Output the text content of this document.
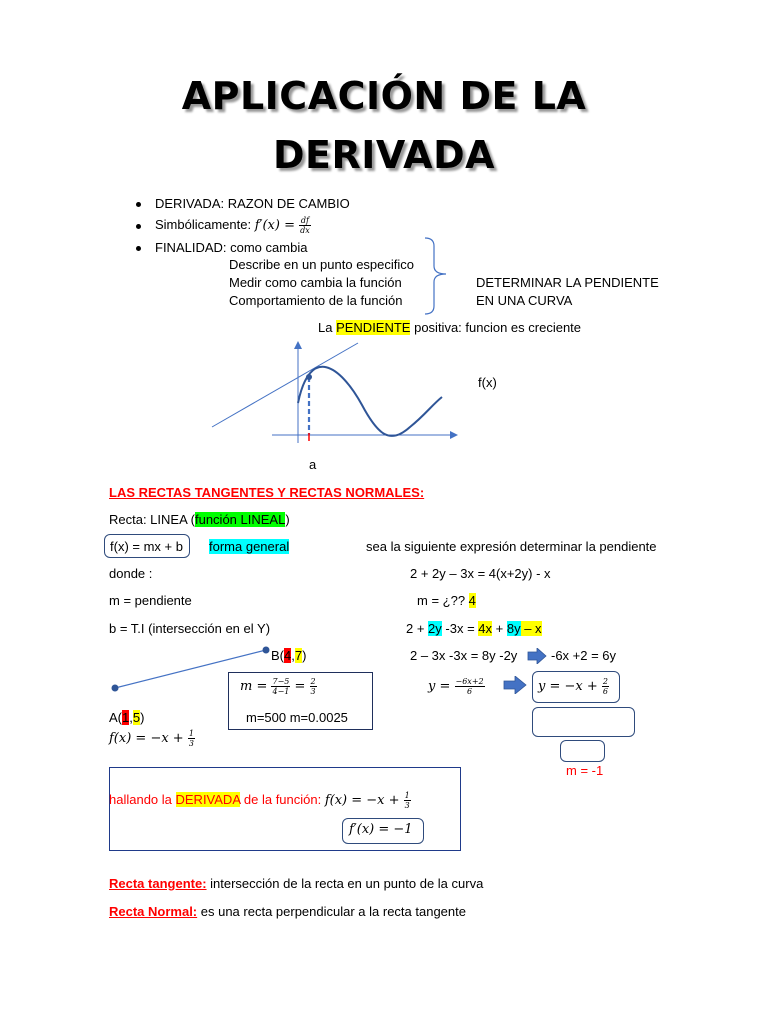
APLICACIÓN DE LA
DERIVADA
DERIVADA: RAZON DE CAMBIO
Simbólicamente: $f'(x) = \frac{df}{dx}$
FINALIDAD: como cambia
Describe en un punto especifico
Medir como cambia la función
Comportamiento de la función
DETERMINAR LA PENDIENTE
EN UNA CURVA
La PENDIENTE positiva: funcion es creciente
f(x)
a
LAS RECTAS TANGENTES Y RECTAS NORMALES:
Recta: LINEA (función LINEAL)
f(x) = mx + b forma general	sea la siguiente expresión determinar la pendiente
donde :	2 + 2y – 3x = 4(x+2y) - x
m = pendiente	m = ¿?? 4
b = T.I (intersección en el Y)	2 + 2y -3x = 4x + 8y – x
B(4,7)	2 – 3x -3x = 8y -2y	-6x +2 = 6y
$m = \frac{7-5}{4-1} = \frac{2}{3}$
m=500 m=0.0025
$y = \frac{-6x+2}{6}$	$y = -x + \frac{2}{6}$
A(1,5)
$f(x) = -x + \frac{1}{3}$
m = -1
hallando la DERIVADA de la función: $f(x) = -x + \frac{1}{3}$
f′(x) = −1
Recta tangente: intersección de la recta en un punto de la curva
Recta Normal: es una recta perpendicular a la recta tangente
